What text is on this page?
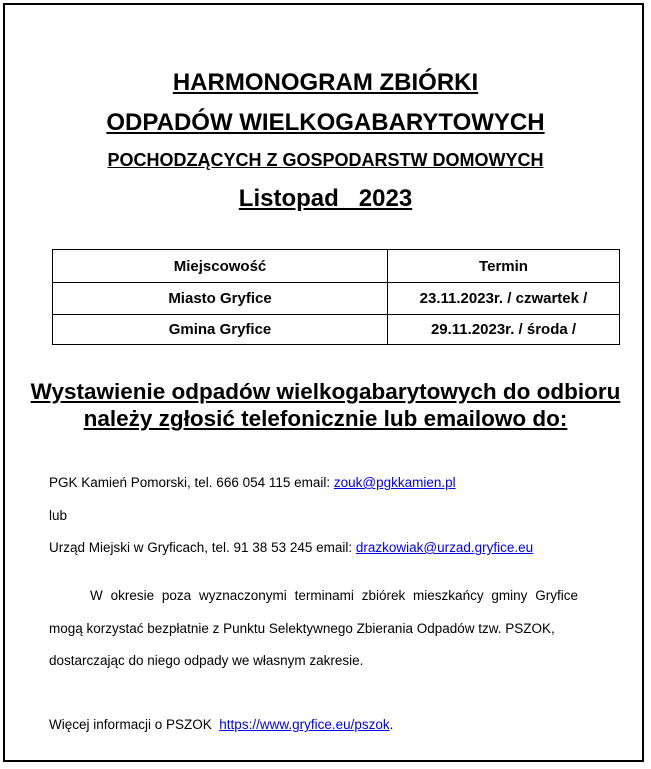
HARMONOGRAM ZBIÓRKI
ODPADÓW WIELKOGABARYTOWYCH
POCHODZĄCYCH Z GOSPODARSTW DOMOWYCH
Listopad   2023
Miejscowość	Termin
Miasto Gryfice	23.11.2023r. / czwartek /
Gmina Gryfice	29.11.2023r. / środa /
Wystawienie odpadów wielkogabarytowych do odbioru należy zgłosić telefonicznie lub emailowo do:
PGK Kamień Pomorski, tel. 666 054 115 email: zouk@pgkkamien.pl
lub
Urząd Miejski w Gryficach, tel. 91 38 53 245 email: drazkowiak@urzad.gryfice.eu
W okresie poza wyznaczonymi terminami zbiórek mieszkańcy gminy Gryfice
mogą korzystać bezpłatnie z Punktu Selektywnego Zbierania Odpadów tzw. PSZOK,
dostarczając do niego odpady we własnym zakresie.
Więcej informacji o PSZOK  https://www.gryfice.eu/pszok.
